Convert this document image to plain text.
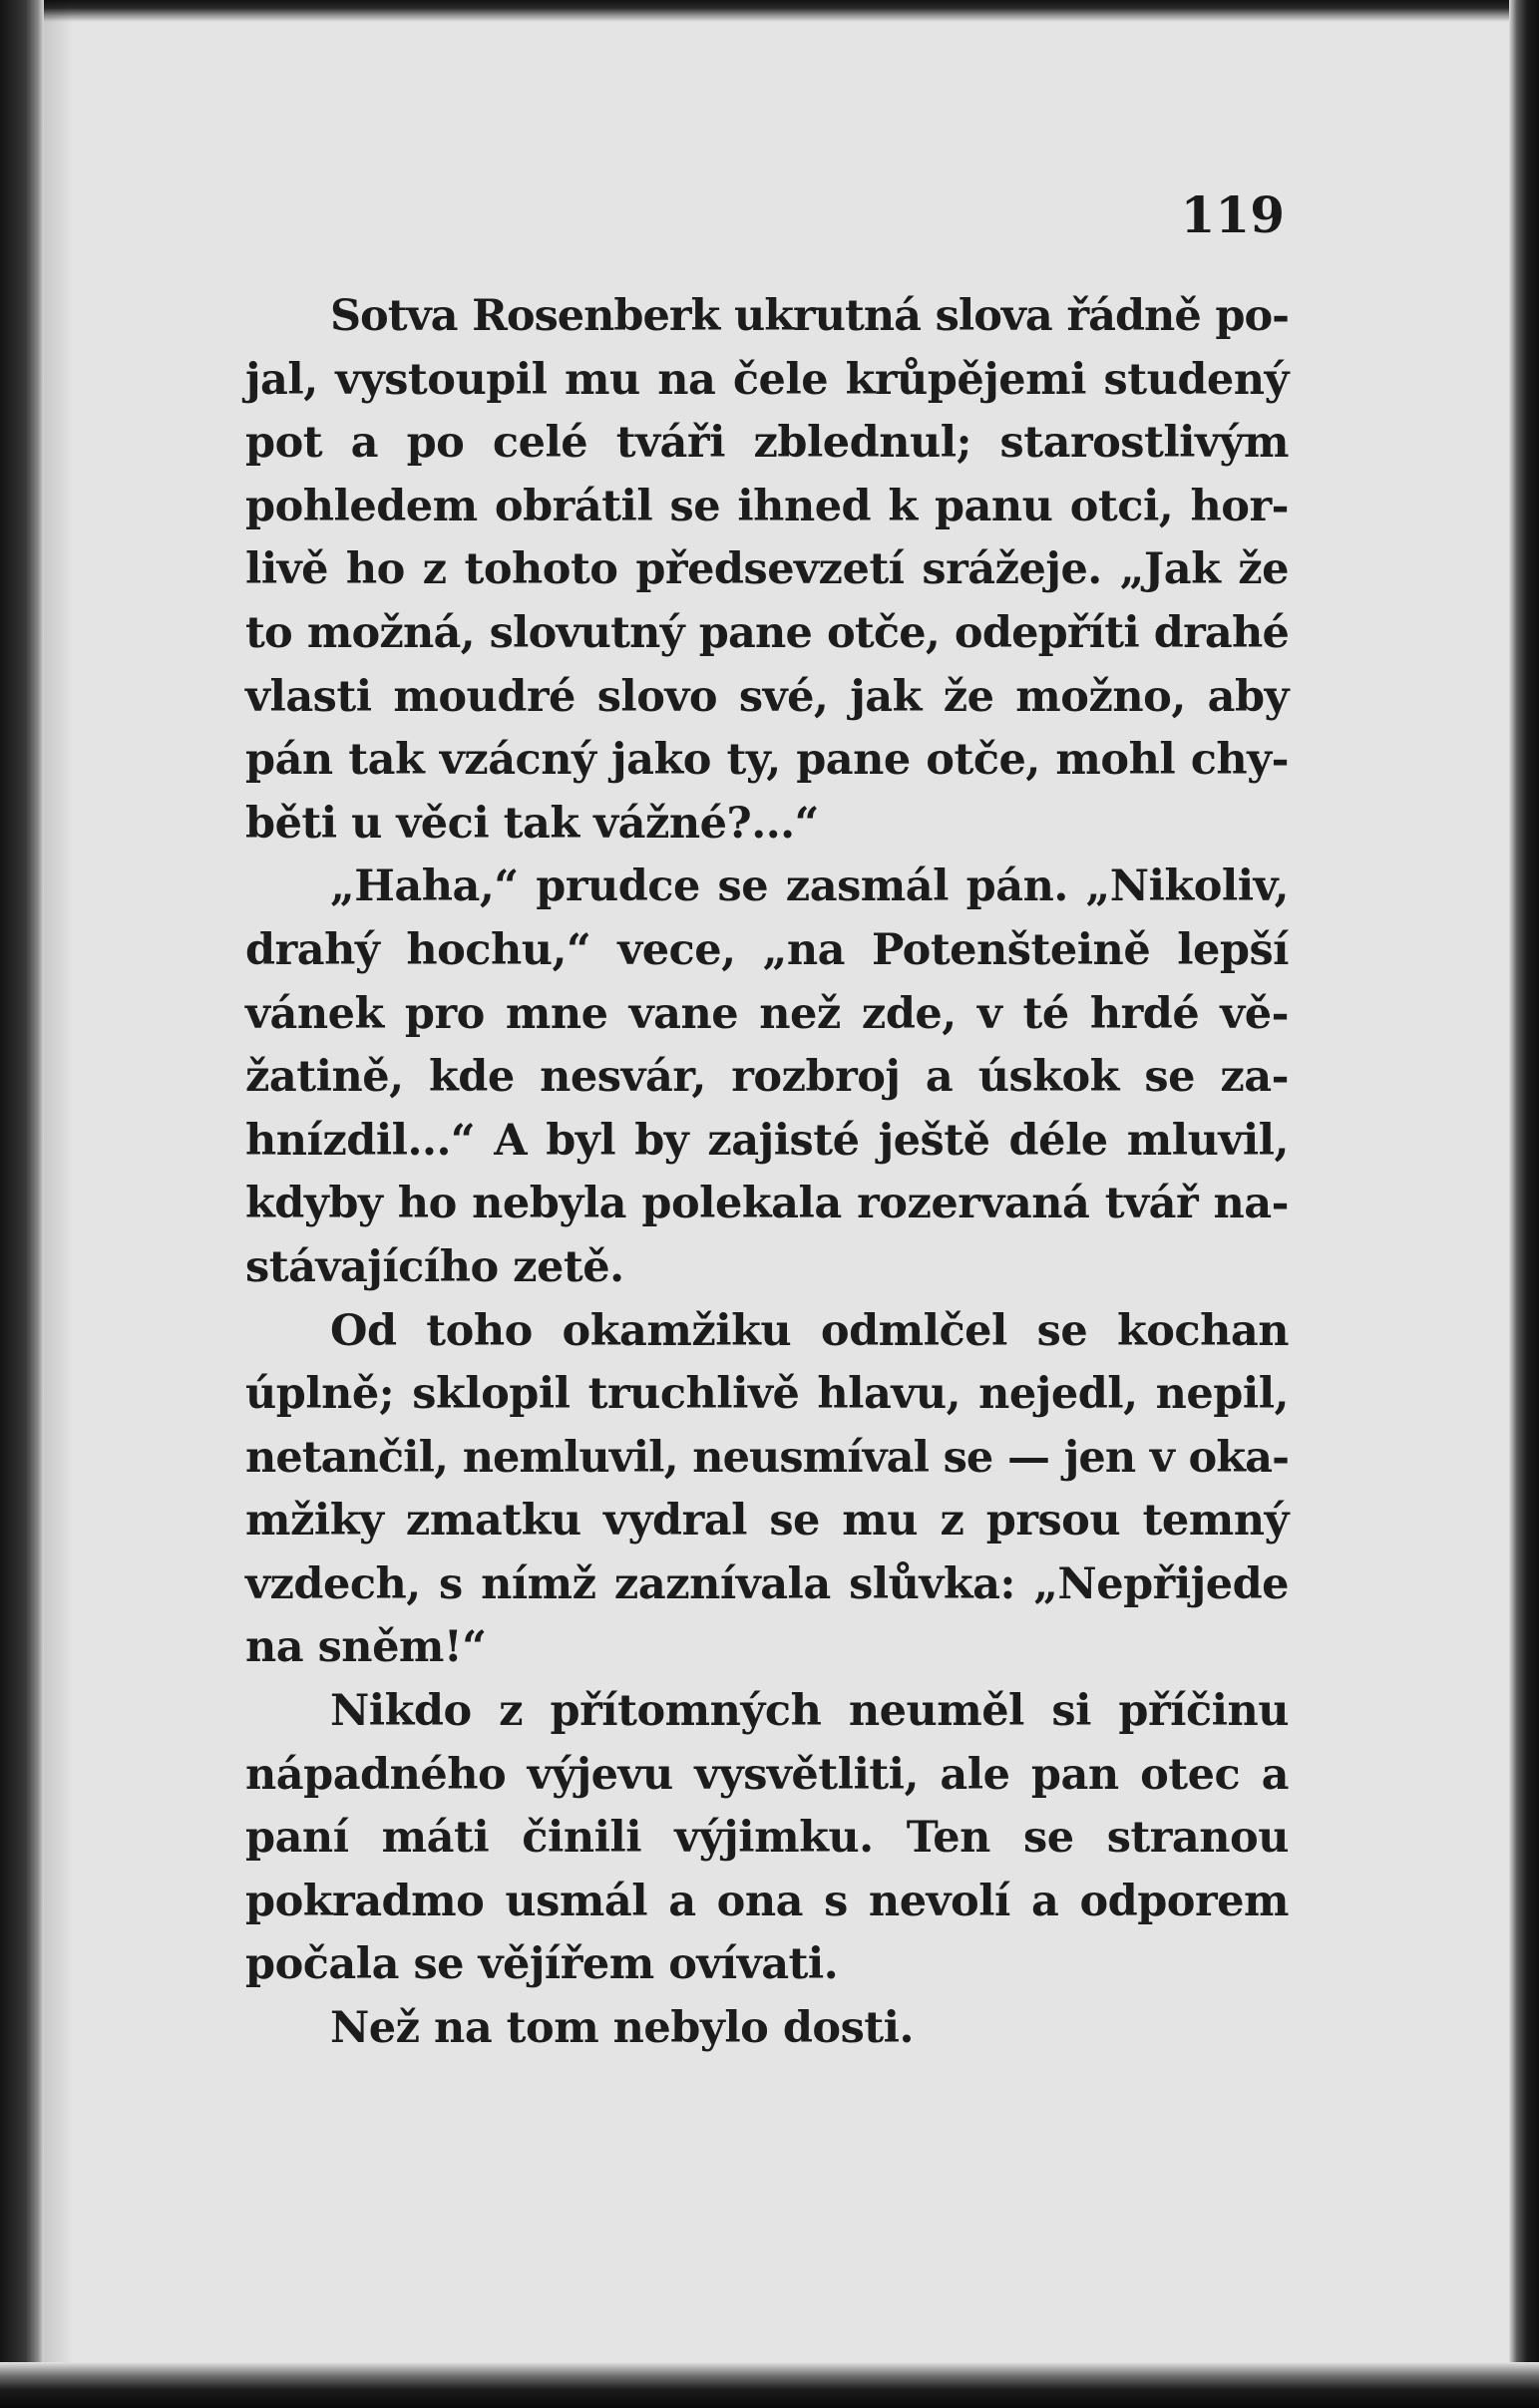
119

Sotva Rosenberk ukrutná slova řádně po-
jal, vystoupil mu na čele krůpějemi studený
pot a po celé tváři zblednul; starostlivým
pohledem obrátil se ihned k panu otci, hor-
livě ho z tohoto předsevzetí srážeje. „Jak že
to možná, slovutný pane otče, odepříti drahé
vlasti moudré slovo své, jak že možno, aby
pán tak vzácný jako ty, pane otče, mohl chy-
běti u věci tak vážné?...“
„Haha,“ prudce se zasmál pán. „Nikoliv,
drahý hochu,“ vece, „na Potenšteině lepší
vánek pro mne vane než zde, v té hrdé vě-
žatině, kde nesvár, rozbroj a úskok se za-
hnízdil...“ A byl by zajisté ještě déle mluvil,
kdyby ho nebyla polekala rozervaná tvář na-
stávajícího zetě.
Od toho okamžiku odmlčel se kochan
úplně; sklopil truchlivě hlavu, nejedl, nepil,
netančil, nemluvil, neusmíval se — jen v oka-
mžiky zmatku vydral se mu z prsou temný
vzdech, s nímž zaznívala slůvka: „Nepřijede
na sněm!“
Nikdo z přítomných neuměl si příčinu
nápadného výjevu vysvětliti, ale pan otec a
paní máti činili výjimku. Ten se stranou
pokradmo usmál a ona s nevolí a odporem
počala se vějířem ovívati.
Než na tom nebylo dosti.
